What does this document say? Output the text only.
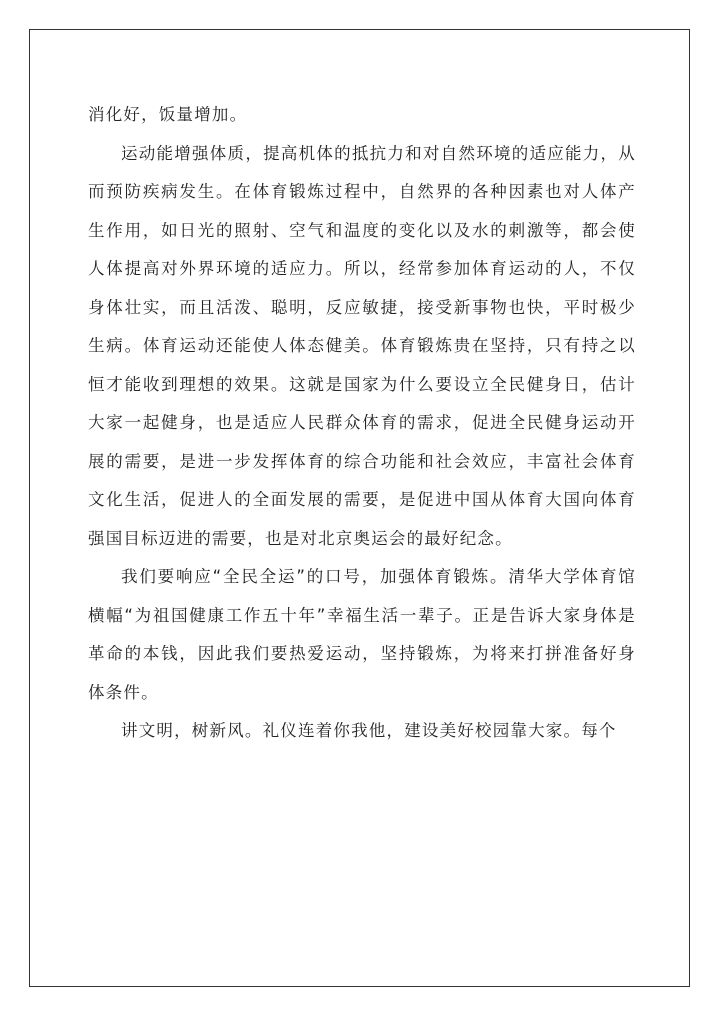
消化好，饭量增加。

运动能增强体质，提高机体的抵抗力和对自然环境的适应能力，从而预防疾病发生。在体育锻炼过程中，自然界的各种因素也对人体产生作用，如日光的照射、空气和温度的变化以及水的刺激等，都会使人体提高对外界环境的适应力。所以，经常参加体育运动的人，不仅身体壮实，而且活泼、聪明，反应敏捷，接受新事物也快，平时极少生病。体育运动还能使人体态健美。体育锻炼贵在坚持，只有持之以恒才能收到理想的效果。这就是国家为什么要设立全民健身日，估计大家一起健身，也是适应人民群众体育的需求，促进全民健身运动开展的需要，是进一步发挥体育的综合功能和社会效应，丰富社会体育文化生活，促进人的全面发展的需要，是促进中国从体育大国向体育强国目标迈进的需要，也是对北京奥运会的最好纪念。

我们要响应“全民全运”的口号，加强体育锻炼。清华大学体育馆横幅“为祖国健康工作五十年”幸福生活一辈子。正是告诉大家身体是革命的本钱，因此我们要热爱运动，坚持锻炼，为将来打拼准备好身体条件。

讲文明，树新风。礼仪连着你我他，建设美好校园靠大家。每个
